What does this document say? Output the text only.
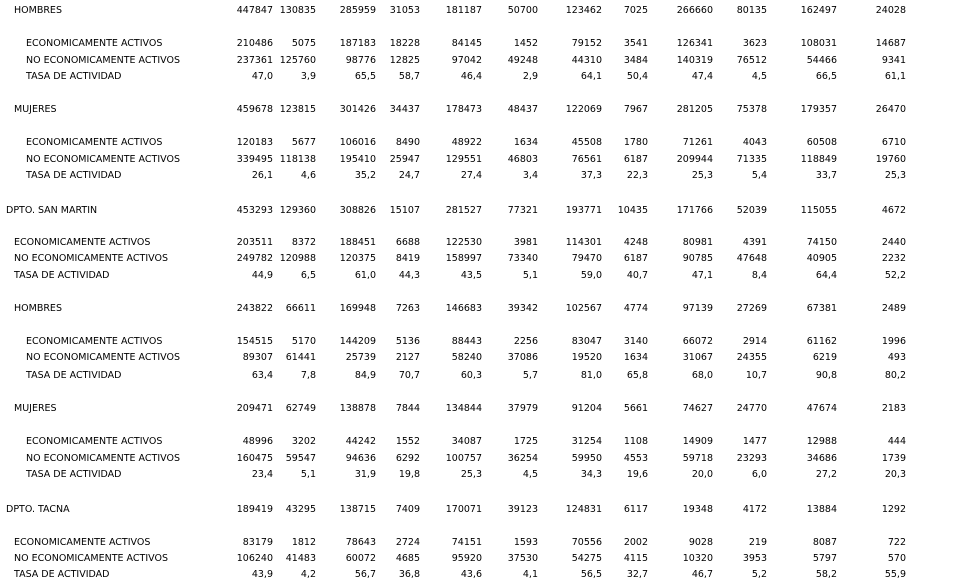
HOMBRES	447847 130835	285959	31053	181187	50700	123462	7025	266660	80135	162497	24028
ECONOMICAMENTE ACTIVOS	210486	5075	187183	18228	84145	1452	79152	3541	126341	3623	108031	14687
NO ECONOMICAMENTE ACTIVOS	237361 125760	98776	12825	97042	49248	44310	3484	140319	76512	54466	9341
TASA DE ACTIVIDAD	47,0	3,9	65,5	58,7	46,4	2,9	64,1	50,4	47,4	4,5	66,5	61,1
MUJERES	459678 123815	301426	34437	178473	48437	122069	7967	281205	75378	179357	26470
ECONOMICAMENTE ACTIVOS	120183	5677	106016	8490	48922	1634	45508	1780	71261	4043	60508	6710
NO ECONOMICAMENTE ACTIVOS	339495 118138	195410	25947	129551	46803	76561	6187	209944	71335	118849	19760
TASA DE ACTIVIDAD	26,1	4,6	35,2	24,7	27,4	3,4	37,3	22,3	25,3	5,4	33,7	25,3
DPTO. SAN MARTIN	453293 129360	308826	15107	281527	77321	193771	10435	171766	52039	115055	4672
ECONOMICAMENTE ACTIVOS	203511	8372	188451	6688	122530	3981	114301	4248	80981	4391	74150	2440
NO ECONOMICAMENTE ACTIVOS	249782 120988	120375	8419	158997	73340	79470	6187	90785	47648	40905	2232
TASA DE ACTIVIDAD	44,9	6,5	61,0	44,3	43,5	5,1	59,0	40,7	47,1	8,4	64,4	52,2
HOMBRES	243822	66611	169948	7263	146683	39342	102567	4774	97139	27269	67381	2489
ECONOMICAMENTE ACTIVOS	154515	5170	144209	5136	88443	2256	83047	3140	66072	2914	61162	1996
NO ECONOMICAMENTE ACTIVOS	89307	61441	25739	2127	58240	37086	19520	1634	31067	24355	6219	493
TASA DE ACTIVIDAD	63,4	7,8	84,9	70,7	60,3	5,7	81,0	65,8	68,0	10,7	90,8	80,2
MUJERES	209471	62749	138878	7844	134844	37979	91204	5661	74627	24770	47674	2183
ECONOMICAMENTE ACTIVOS	48996	3202	44242	1552	34087	1725	31254	1108	14909	1477	12988	444
NO ECONOMICAMENTE ACTIVOS	160475	59547	94636	6292	100757	36254	59950	4553	59718	23293	34686	1739
TASA DE ACTIVIDAD	23,4	5,1	31,9	19,8	25,3	4,5	34,3	19,6	20,0	6,0	27,2	20,3
DPTO. TACNA	189419	43295	138715	7409	170071	39123	124831	6117	19348	4172	13884	1292
ECONOMICAMENTE ACTIVOS	83179	1812	78643	2724	74151	1593	70556	2002	9028	219	8087	722
NO ECONOMICAMENTE ACTIVOS	106240	41483	60072	4685	95920	37530	54275	4115	10320	3953	5797	570
TASA DE ACTIVIDAD	43,9	4,2	56,7	36,8	43,6	4,1	56,5	32,7	46,7	5,2	58,2	55,9
